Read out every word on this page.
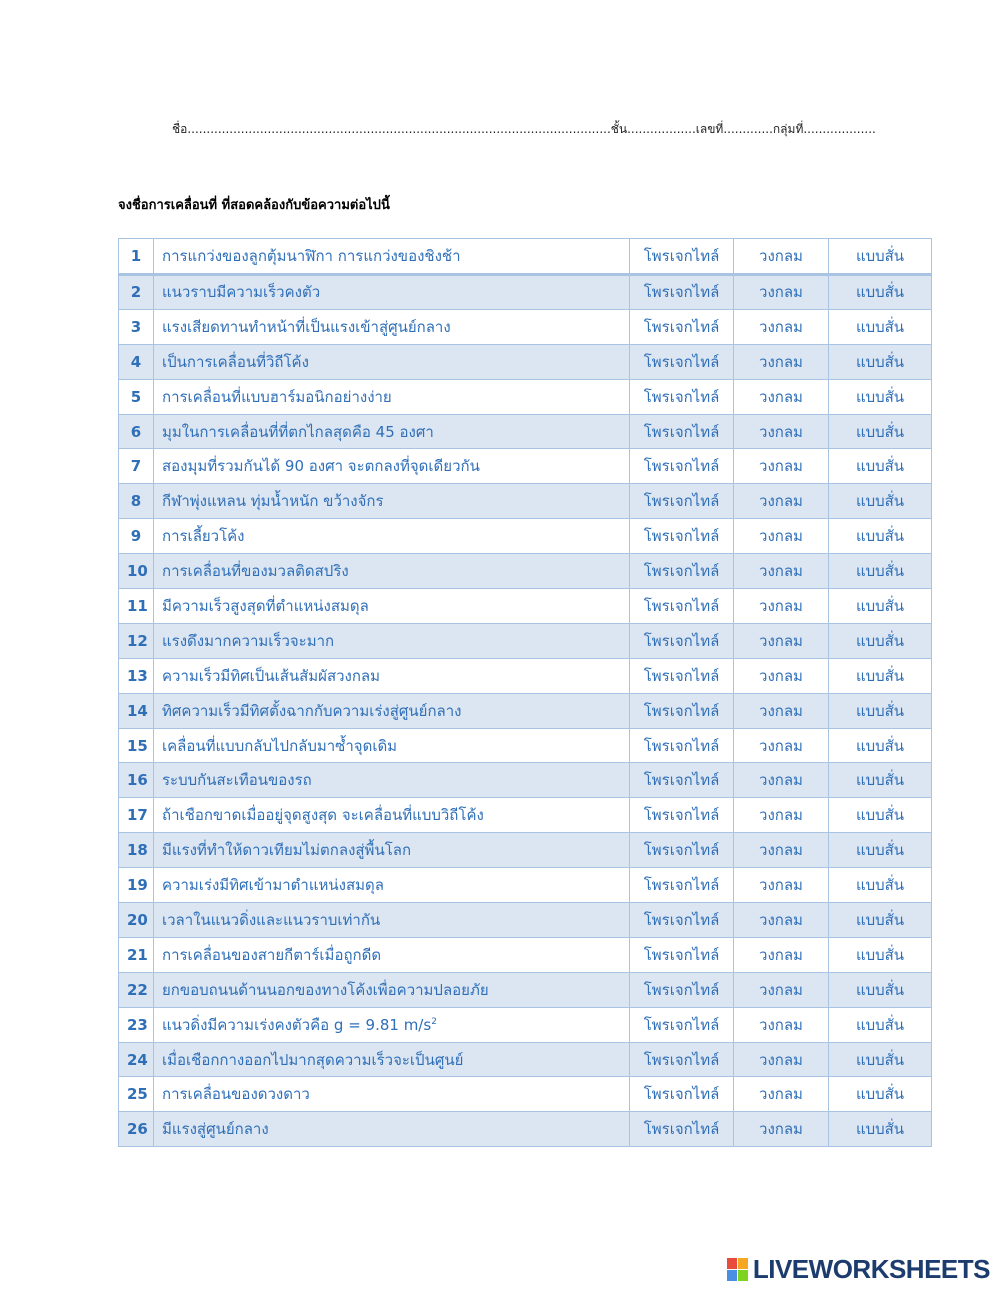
ชื่อ...............................................................................................................ชั้น..................เลขที่.............กลุ่มที่...................
จงชื่อการเคลื่อนที่ ที่สอดคล้องกับข้อความต่อไปนี้
1	การแกว่งของลูกตุ้มนาฬิกา การแกว่งของชิงช้า	โพรเจกไทล์	วงกลม	แบบสั่น
2	แนวราบมีความเร็วคงตัว	โพรเจกไทล์	วงกลม	แบบสั่น
3	แรงเสียดทานทำหน้าที่เป็นแรงเข้าสู่ศูนย์กลาง	โพรเจกไทล์	วงกลม	แบบสั่น
4	เป็นการเคลื่อนที่วิถีโค้ง	โพรเจกไทล์	วงกลม	แบบสั่น
5	การเคลื่อนที่แบบฮาร์มอนิกอย่างง่าย	โพรเจกไทล์	วงกลม	แบบสั่น
6	มุมในการเคลื่อนที่ที่ตกไกลสุดคือ 45 องศา	โพรเจกไทล์	วงกลม	แบบสั่น
7	สองมุมที่รวมกันได้ 90 องศา จะตกลงที่จุดเดียวกัน	โพรเจกไทล์	วงกลม	แบบสั่น
8	กีฬาพุ่งแหลน ทุ่มน้ำหนัก ขว้างจักร	โพรเจกไทล์	วงกลม	แบบสั่น
9	การเลี้ยวโค้ง	โพรเจกไทล์	วงกลม	แบบสั่น
10	การเคลื่อนที่ของมวลติดสปริง	โพรเจกไทล์	วงกลม	แบบสั่น
11	มีความเร็วสูงสุดที่ตำแหน่งสมดุล	โพรเจกไทล์	วงกลม	แบบสั่น
12	แรงดึงมากความเร็วจะมาก	โพรเจกไทล์	วงกลม	แบบสั่น
13	ความเร็วมีทิศเป็นเส้นสัมผัสวงกลม	โพรเจกไทล์	วงกลม	แบบสั่น
14	ทิศความเร็วมีทิศตั้งฉากกับความเร่งสู่ศูนย์กลาง	โพรเจกไทล์	วงกลม	แบบสั่น
15	เคลื่อนที่แบบกลับไปกลับมาซ้ำจุดเดิม	โพรเจกไทล์	วงกลม	แบบสั่น
16	ระบบกันสะเทือนของรถ	โพรเจกไทล์	วงกลม	แบบสั่น
17	ถ้าเชือกขาดเมื่ออยู่จุดสูงสุด จะเคลื่อนที่แบบวิถีโค้ง	โพรเจกไทล์	วงกลม	แบบสั่น
18	มีแรงที่ทำให้ดาวเทียมไม่ตกลงสู่พื้นโลก	โพรเจกไทล์	วงกลม	แบบสั่น
19	ความเร่งมีทิศเข้ามาตำแหน่งสมดุล	โพรเจกไทล์	วงกลม	แบบสั่น
20	เวลาในแนวดิ่งและแนวราบเท่ากัน	โพรเจกไทล์	วงกลม	แบบสั่น
21	การเคลื่อนของสายกีตาร์เมื่อถูกดีด	โพรเจกไทล์	วงกลม	แบบสั่น
22	ยกขอบถนนด้านนอกของทางโค้งเพื่อความปลอยภัย	โพรเจกไทล์	วงกลม	แบบสั่น
23	แนวดิ่งมีความเร่งคงตัวคือ g = 9.81 $m/s^2$	โพรเจกไทล์	วงกลม	แบบสั่น
24	เมื่อเชือกกางออกไปมากสุดความเร็วจะเป็นศูนย์	โพรเจกไทล์	วงกลม	แบบสั่น
25	การเคลื่อนของดวงดาว	โพรเจกไทล์	วงกลม	แบบสั่น
26	มีแรงสู่ศูนย์กลาง	โพรเจกไทล์	วงกลม	แบบสั่น
LIVEWORKSHEETS
